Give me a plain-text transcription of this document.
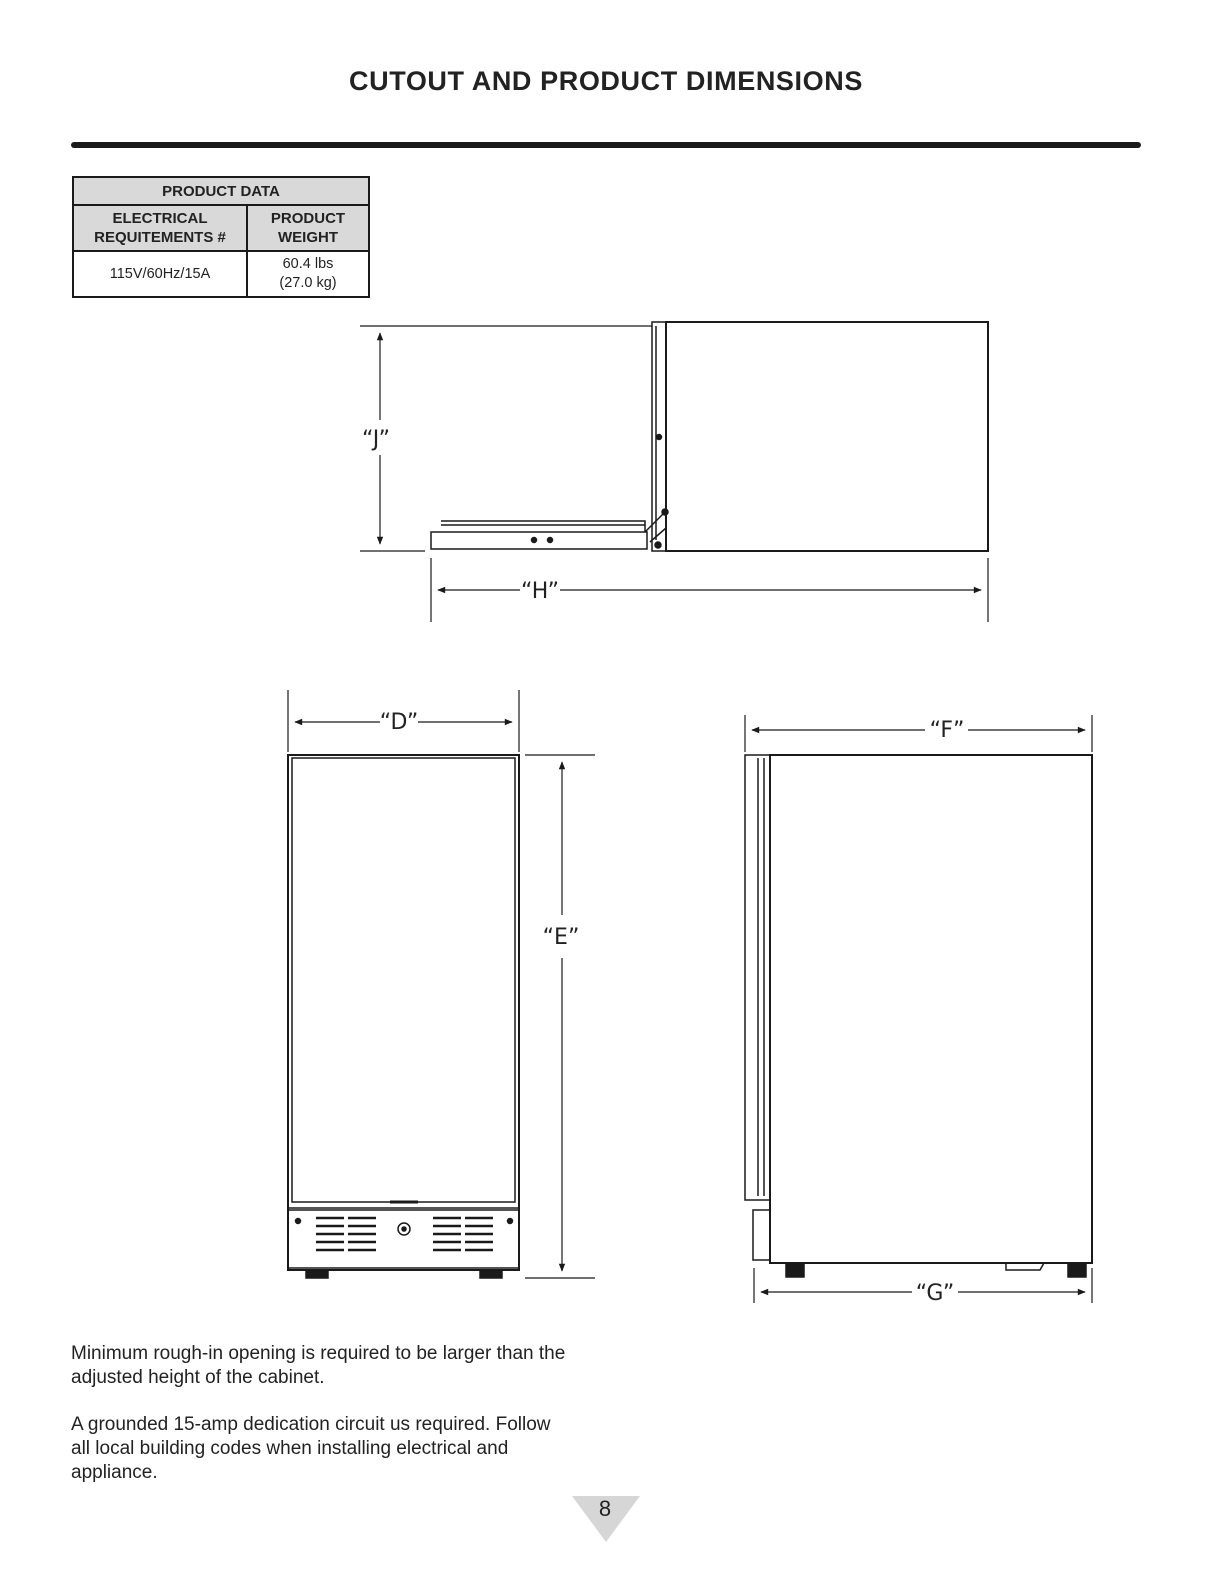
CUTOUT AND PRODUCT DIMENSIONS
PRODUCT DATA	
ELECTRICAL
REQUITEMENTS #	PRODUCT
WEIGHT
115V/60Hz/15A	60.4 lbs
(27.0 kg)
“J”
“H”
“D”
“E”
“F”
“G”

Minimum rough-in opening is required to be larger than the
adjusted height of the cabinet.

A grounded 15-amp dedication circuit us required. Follow
all local building codes when installing electrical and
appliance.

8
